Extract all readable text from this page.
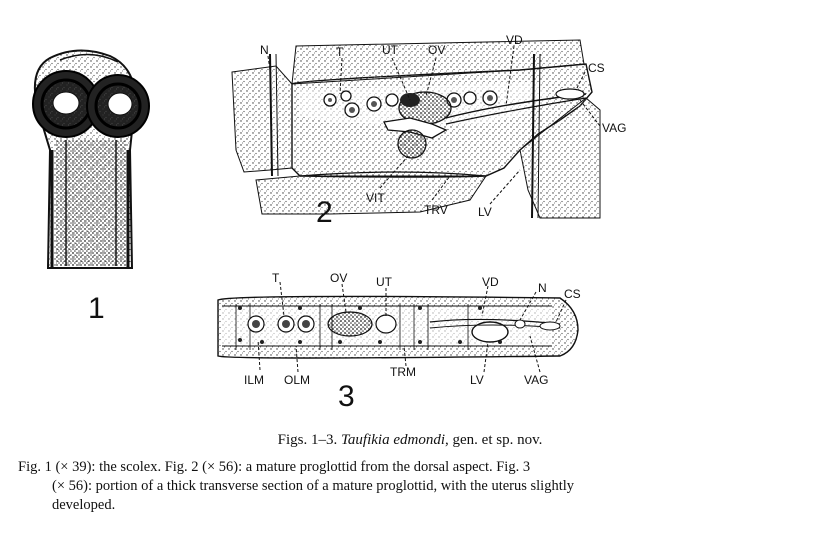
1
N	T	UT	OV
VD
CS
VAG
VIT
TRV	LV
2
T	OV UT	VD	N CS
ILM OLM
TRM
LV	VAG
3
Figs. 1–3. Taufikia edmondi, gen. et sp. nov.
Fig. 1 (× 39): the scolex. Fig. 2 (× 56): a mature proglottid from the dorsal aspect. Fig. 3
(× 56): portion of a thick transverse section of a mature proglottid, with the uterus slightly
developed.
